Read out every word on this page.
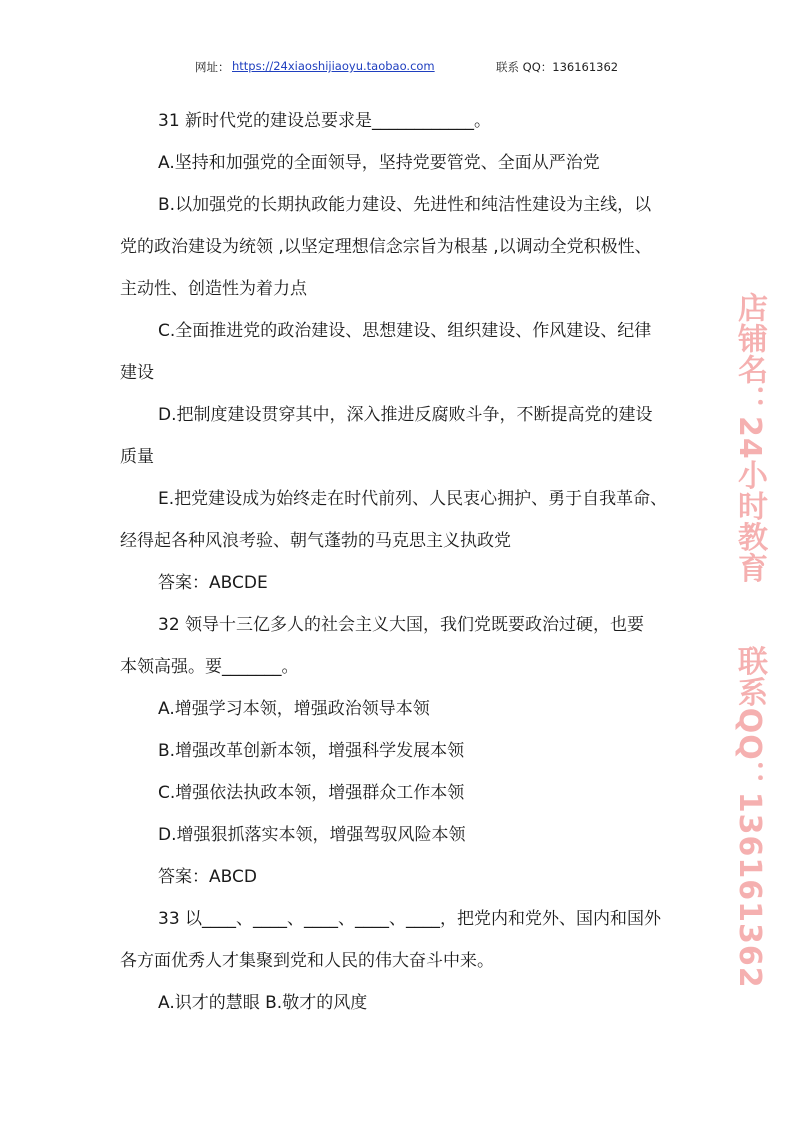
网址： https://24xiaoshijiaoyu.taobao.com	联系 QQ：136161362
31 新时代党的建设总要求是____________。
A.坚持和加强党的全面领导，坚持党要管党、全面从严治党
B.以加强党的长期执政能力建设、先进性和纯洁性建设为主线，以
党的政治建设为统领 ,以坚定理想信念宗旨为根基 ,以调动全党积极性、
主动性、创造性为着力点
C.全面推进党的政治建设、思想建设、组织建设、作风建设、纪律
建设
D.把制度建设贯穿其中，深入推进反腐败斗争，不断提高党的建设
质量
E.把党建设成为始终走在时代前列、人民衷心拥护、勇于自我革命、
经得起各种风浪考验、朝气蓬勃的马克思主义执政党
答案：ABCDE
32 领导十三亿多人的社会主义大国，我们党既要政治过硬，也要
本领高强。要_______。
A.增强学习本领，增强政治领导本领
B.增强改革创新本领，增强科学发展本领
C.增强依法执政本领，增强群众工作本领
D.增强狠抓落实本领，增强驾驭风险本领
答案：ABCD
33 以____、____、____、____、____，把党内和党外、国内和国外
各方面优秀人才集聚到党和人民的伟大奋斗中来。
A.识才的慧眼 B.敬才的风度
店铺名：24小时教育　　联系QQ：136161362
